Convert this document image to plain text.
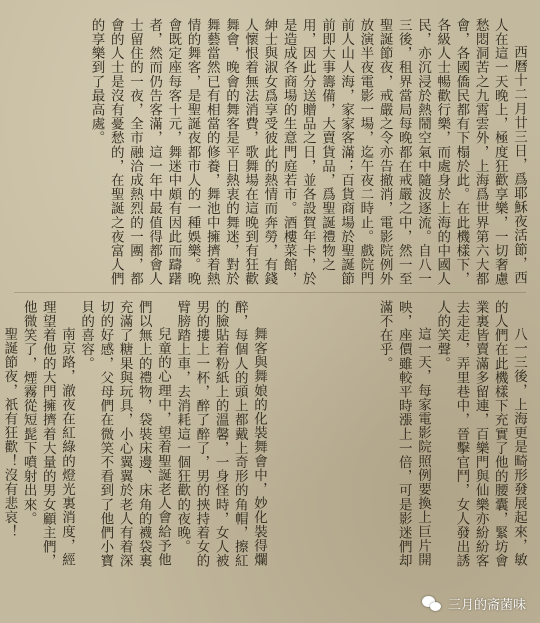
西曆十二月廿三日，爲耶穌夜活節，西人在這一天晚上，極度狂歡享樂，一切奢慮愁悶洞苦之九霄雲外，上海爲世界第六大都會，各國僑民都有下榻於此。在此機樣下，各級人士暢歡行樂，而處身於上海的中國人民，亦沉浸於熱鬧空氣中隨波逐流。自八一三後，租界當局每晚都在戒嚴之中，然一至聖誕節夜，戒嚴之令亦告撤消，電影院例外放演半夜電影一場，迄午夜二時止。戲院門前人山人海，家家客滿；百貨商場於聖誕節前即大事籌備，大賣貨品，爲聖誕禮物之用，因此分送贈品之日，並各設賀年卡，於是造成各商場的生意門庭若市。酒樓菜館，紳士與淑女爲享受彼此的熱情而奔勞，有錢人懷恨着無法消費，歌舞場在這晚到有狂歡舞會，晚會的舞客是平日熱衷的舞迷，對於舞藝當然已有相當的修養，舞池中擁擠着熱情的舞客，是聖誕夜都市人的一種娛樂。晚會既定座每客十元，舞迷中頗有因此而躊躇者，然而仍告客滿，這一年中最值得都會人士留住的一夜，全市融洽成熱烈的一團，都會的人士是沒有憂愁的，在聖誕之夜富人們的享樂到了最高處。

八一三後，上海更是畸形發展起來，敏的人們在此機樣下充實了他的腰囊，緊坊會業裏皆賣滿多留連，百樂門與仙樂亦紛紛客去走走，弄里巷中，晉擊官鬥，女人發出誘人的笑聲。

這一天，每家電影院照例要換上巨片開映，座價雖較平時漲上一倍，可是影迷們却滿不在乎。

舞客與舞娘的化裝舞會中，妙化裝得爛醉，每個人的頭上都戴上奇形的角帽，擦紅的臉貼着粉紙上的溫馨，一身怪時，女人被男的摟上一杯，醉了醉了，男的挾持着女的臂膀踏上車，去消耗這一個狂歡的夜晚。

兒童的心理中，望着聖誕老人會給予他們以無上的禮物，袋裝床邊、床角的襪袋裏充滿了糖果與玩具，小心翼翼於老人有着深切的好感，父母們在微笑不看到了他們小寶貝的喜容。

南京路，澈夜在紅綠的燈光裏消度，經理望着他的大門擁擠着大量的男女顧主們，他微笑了，煙霧從短髭下噴射出來。

聖誕節夜，祇有狂歡！沒有悲哀！

三月的斋菌味
